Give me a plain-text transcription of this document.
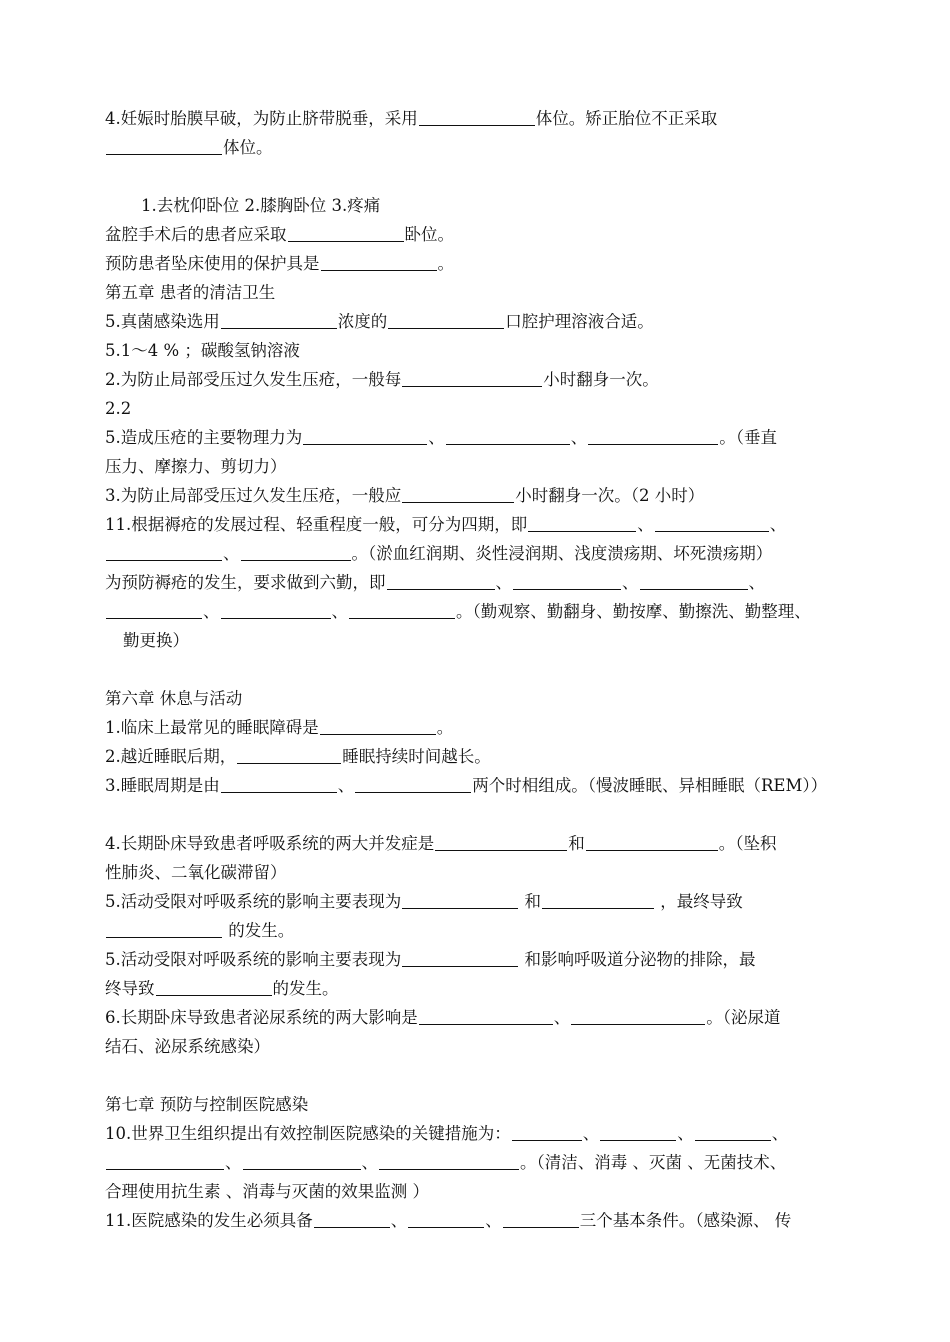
4.妊娠时胎膜早破，为防止脐带脱垂，采用	体位。矫正胎位不正采取
体位。
1.去枕仰卧位 2.膝胸卧位 3.疼痛
盆腔手术后的患者应采取	卧位。
预防患者坠床使用的保护具是	。
第五章 患者的清洁卫生
5.真菌感染选用	浓度的	口腔护理溶液合适。
5.1～4 % ；碳酸氢钠溶液
2.为防止局部受压过久发生压疮，一般每	小时翻身一次。
2.2
5.造成压疮的主要物理力为	、	、	。（垂直
压力、摩擦力、剪切力）
3.为防止局部受压过久发生压疮，一般应	小时翻身一次。（2 小时）
11.根据褥疮的发展过程、轻重程度一般，可分为四期，即	、	、
、	。（淤血红润期、炎性浸润期、浅度溃疡期、坏死溃疡期）
为预防褥疮的发生，要求做到六勤，即	、	、	、
、	、	。（勤观察、勤翻身、勤按摩、勤擦洗、勤整理、
勤更换）
第六章 休息与活动
1.临床上最常见的睡眠障碍是	。
2.越近睡眠后期，	睡眠持续时间越长。
3.睡眠周期是由	、	两个时相组成。（慢波睡眠、异相睡眠（REM））
4.长期卧床导致患者呼吸系统的两大并发症是	和	。（坠积
性肺炎、二氧化碳滞留）
5.活动受限对呼吸系统的影响主要表现为	和	，最终导致
的发生。
5.活动受限对呼吸系统的影响主要表现为	和影响呼吸道分泌物的排除，最
终导致	的发生。
6.长期卧床导致患者泌尿系统的两大影响是	、	。（泌尿道
结石、泌尿系统感染）
第七章 预防与控制医院感染
10.世界卫生组织提出有效控制医院感染的关键措施为：	、	、	、
、	、	。（清洁、消毒 、灭菌 、无菌技术、
合理使用抗生素 、消毒与灭菌的效果监测 ）
11.医院感染的发生必须具备	、	、	三个基本条件。（感染源、 传
